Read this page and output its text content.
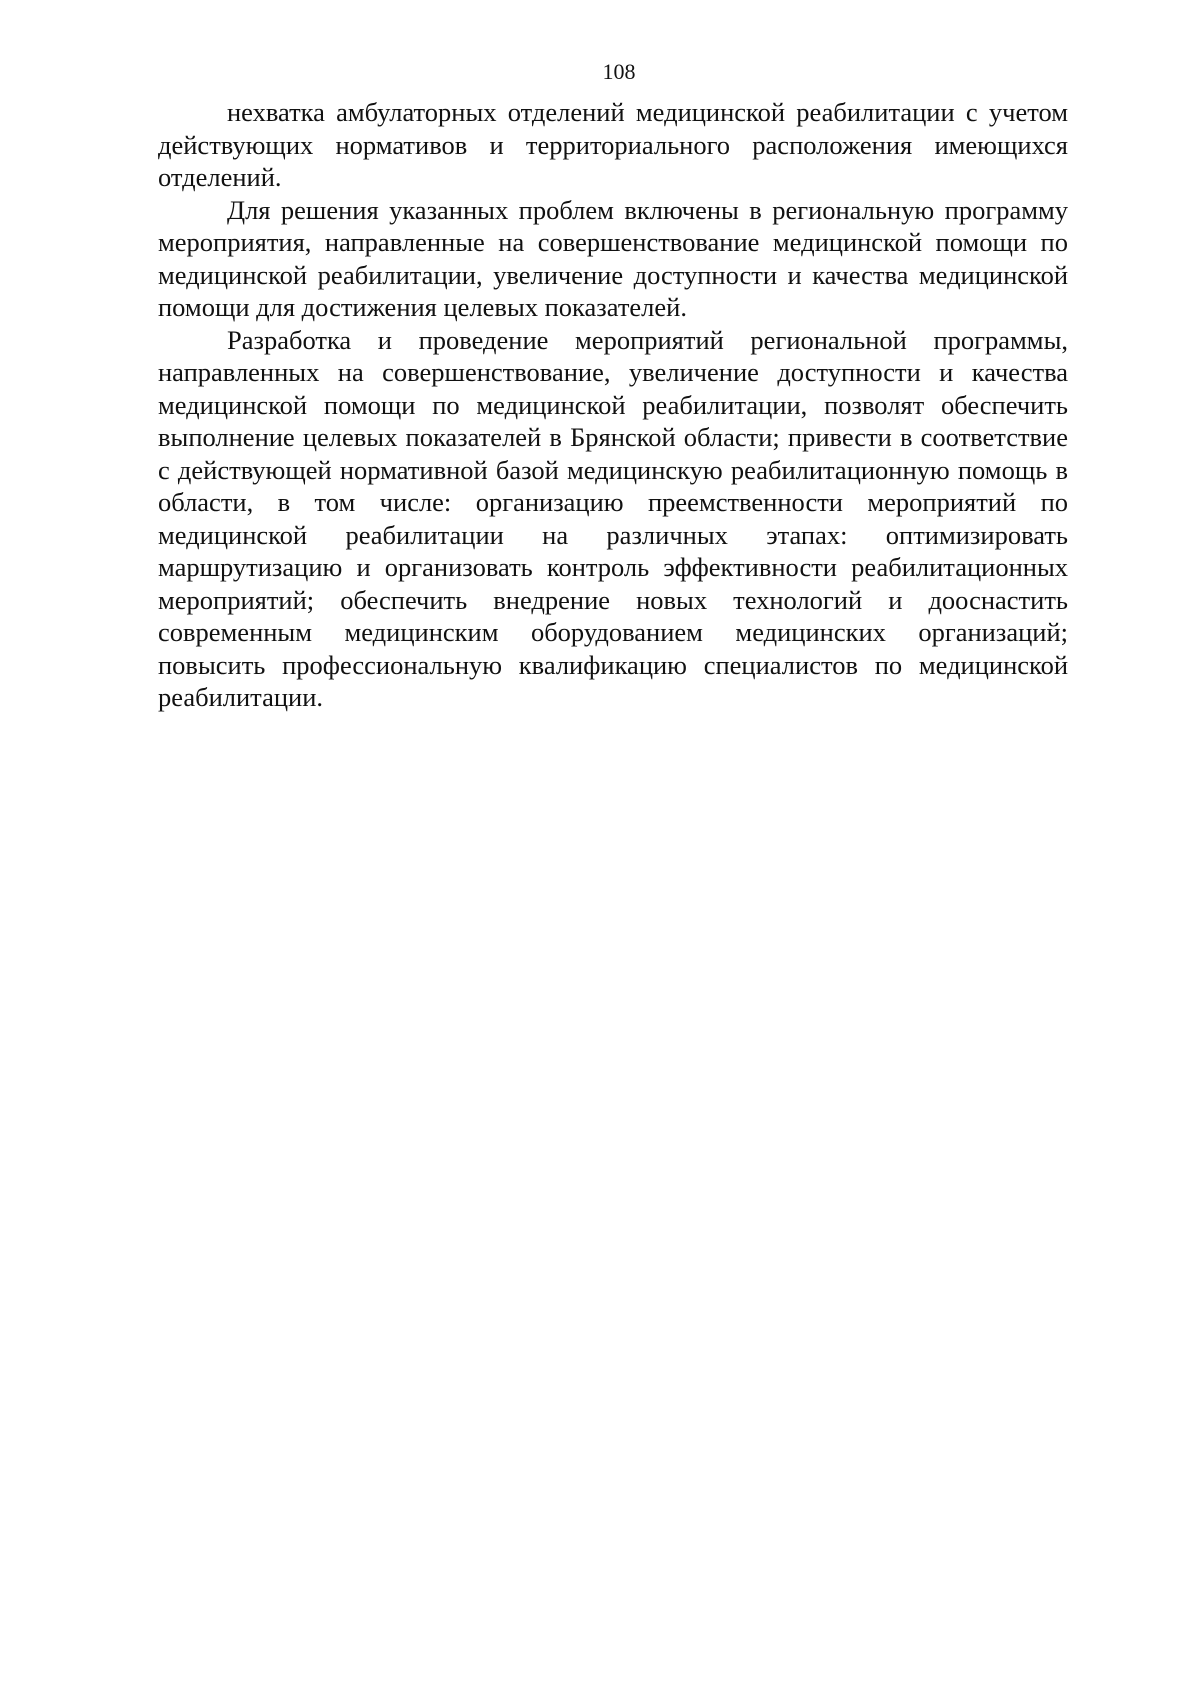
108

нехватка амбулаторных отделений медицинской реабилитации с учетом действующих нормативов и территориального расположения имеющихся отделений.

Для решения указанных проблем включены в региональную программу мероприятия, направленные на совершенствование медицинской помощи по медицинской реабилитации, увеличение доступности и качества медицинской помощи для достижения целевых показателей.

Разработка и проведение мероприятий региональной программы, направленных на совершенствование, увеличение доступности и качества медицинской помощи по медицинской реабилитации, позволят обеспечить выполнение целевых показателей в Брянской области; привести в соответствие с действующей нормативной базой медицинскую реабилитационную помощь в области, в том числе: организацию преемственности мероприятий по медицинской реабилитации на различных этапах: оптимизировать маршрутизацию и организовать контроль эффективности реабилитационных мероприятий; обеспечить внедрение новых технологий и дооснастить современным медицинским оборудованием медицинских организаций; повысить профессиональную квалификацию специалистов по медицинской реабилитации.
